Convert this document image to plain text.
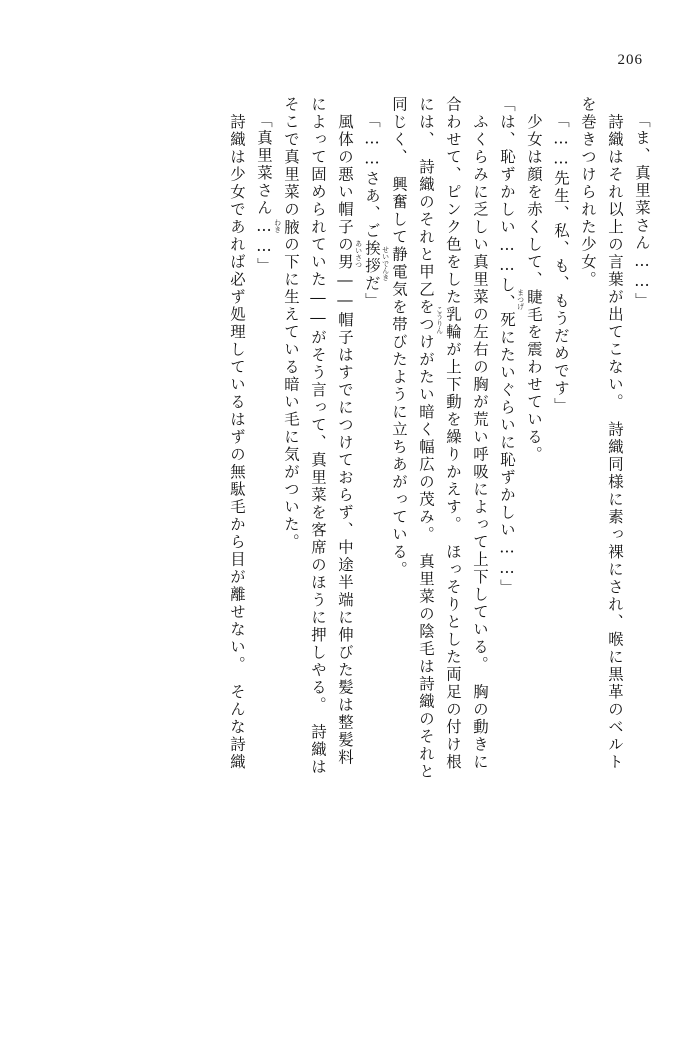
206
「ま、真里菜さん……」
　詩織はそれ以上の言葉が出てこない。　詩織同様に素っ裸にされ、喉に黒革のベルト
を巻きつけられた少女。
「……先生、私、も、もうだめです」
　少女は顔を赤くして、睫毛
まつげ
を震わせている。
「は、恥ずかしい……し、死にたいぐらいに恥ずかしい……」
　ふくらみに乏しい真里菜の左右の胸が荒い呼吸によって上下している。　胸の動きに
合わせて、ピンク色をした乳輪
こうりん
が上下動を繰りかえす。　ほっそりとした両足の付け根
には、　詩織のそれと甲乙をつけがたい暗く幅広の茂み。　真里菜の陰毛は詩織のそれと
同じく、　興奮して静電気
せいでんき
を帯びたように立ちあがっている。
「……さあ、ご挨拶
あいさつ
だ」
　風体の悪い帽子の男――帽子はすでにつけておらず、中途半端に伸びた髪は整髪料
によって固められていた――がそう言って、真里菜を客席のほうに押しやる。　詩織は
そこで真里菜の腋
わき
の下に生えている暗い毛に気がついた。
「真里菜さん……」
　詩織は少女であれば必ず処理しているはずの無駄毛から目が離せない。　そんな詩織
